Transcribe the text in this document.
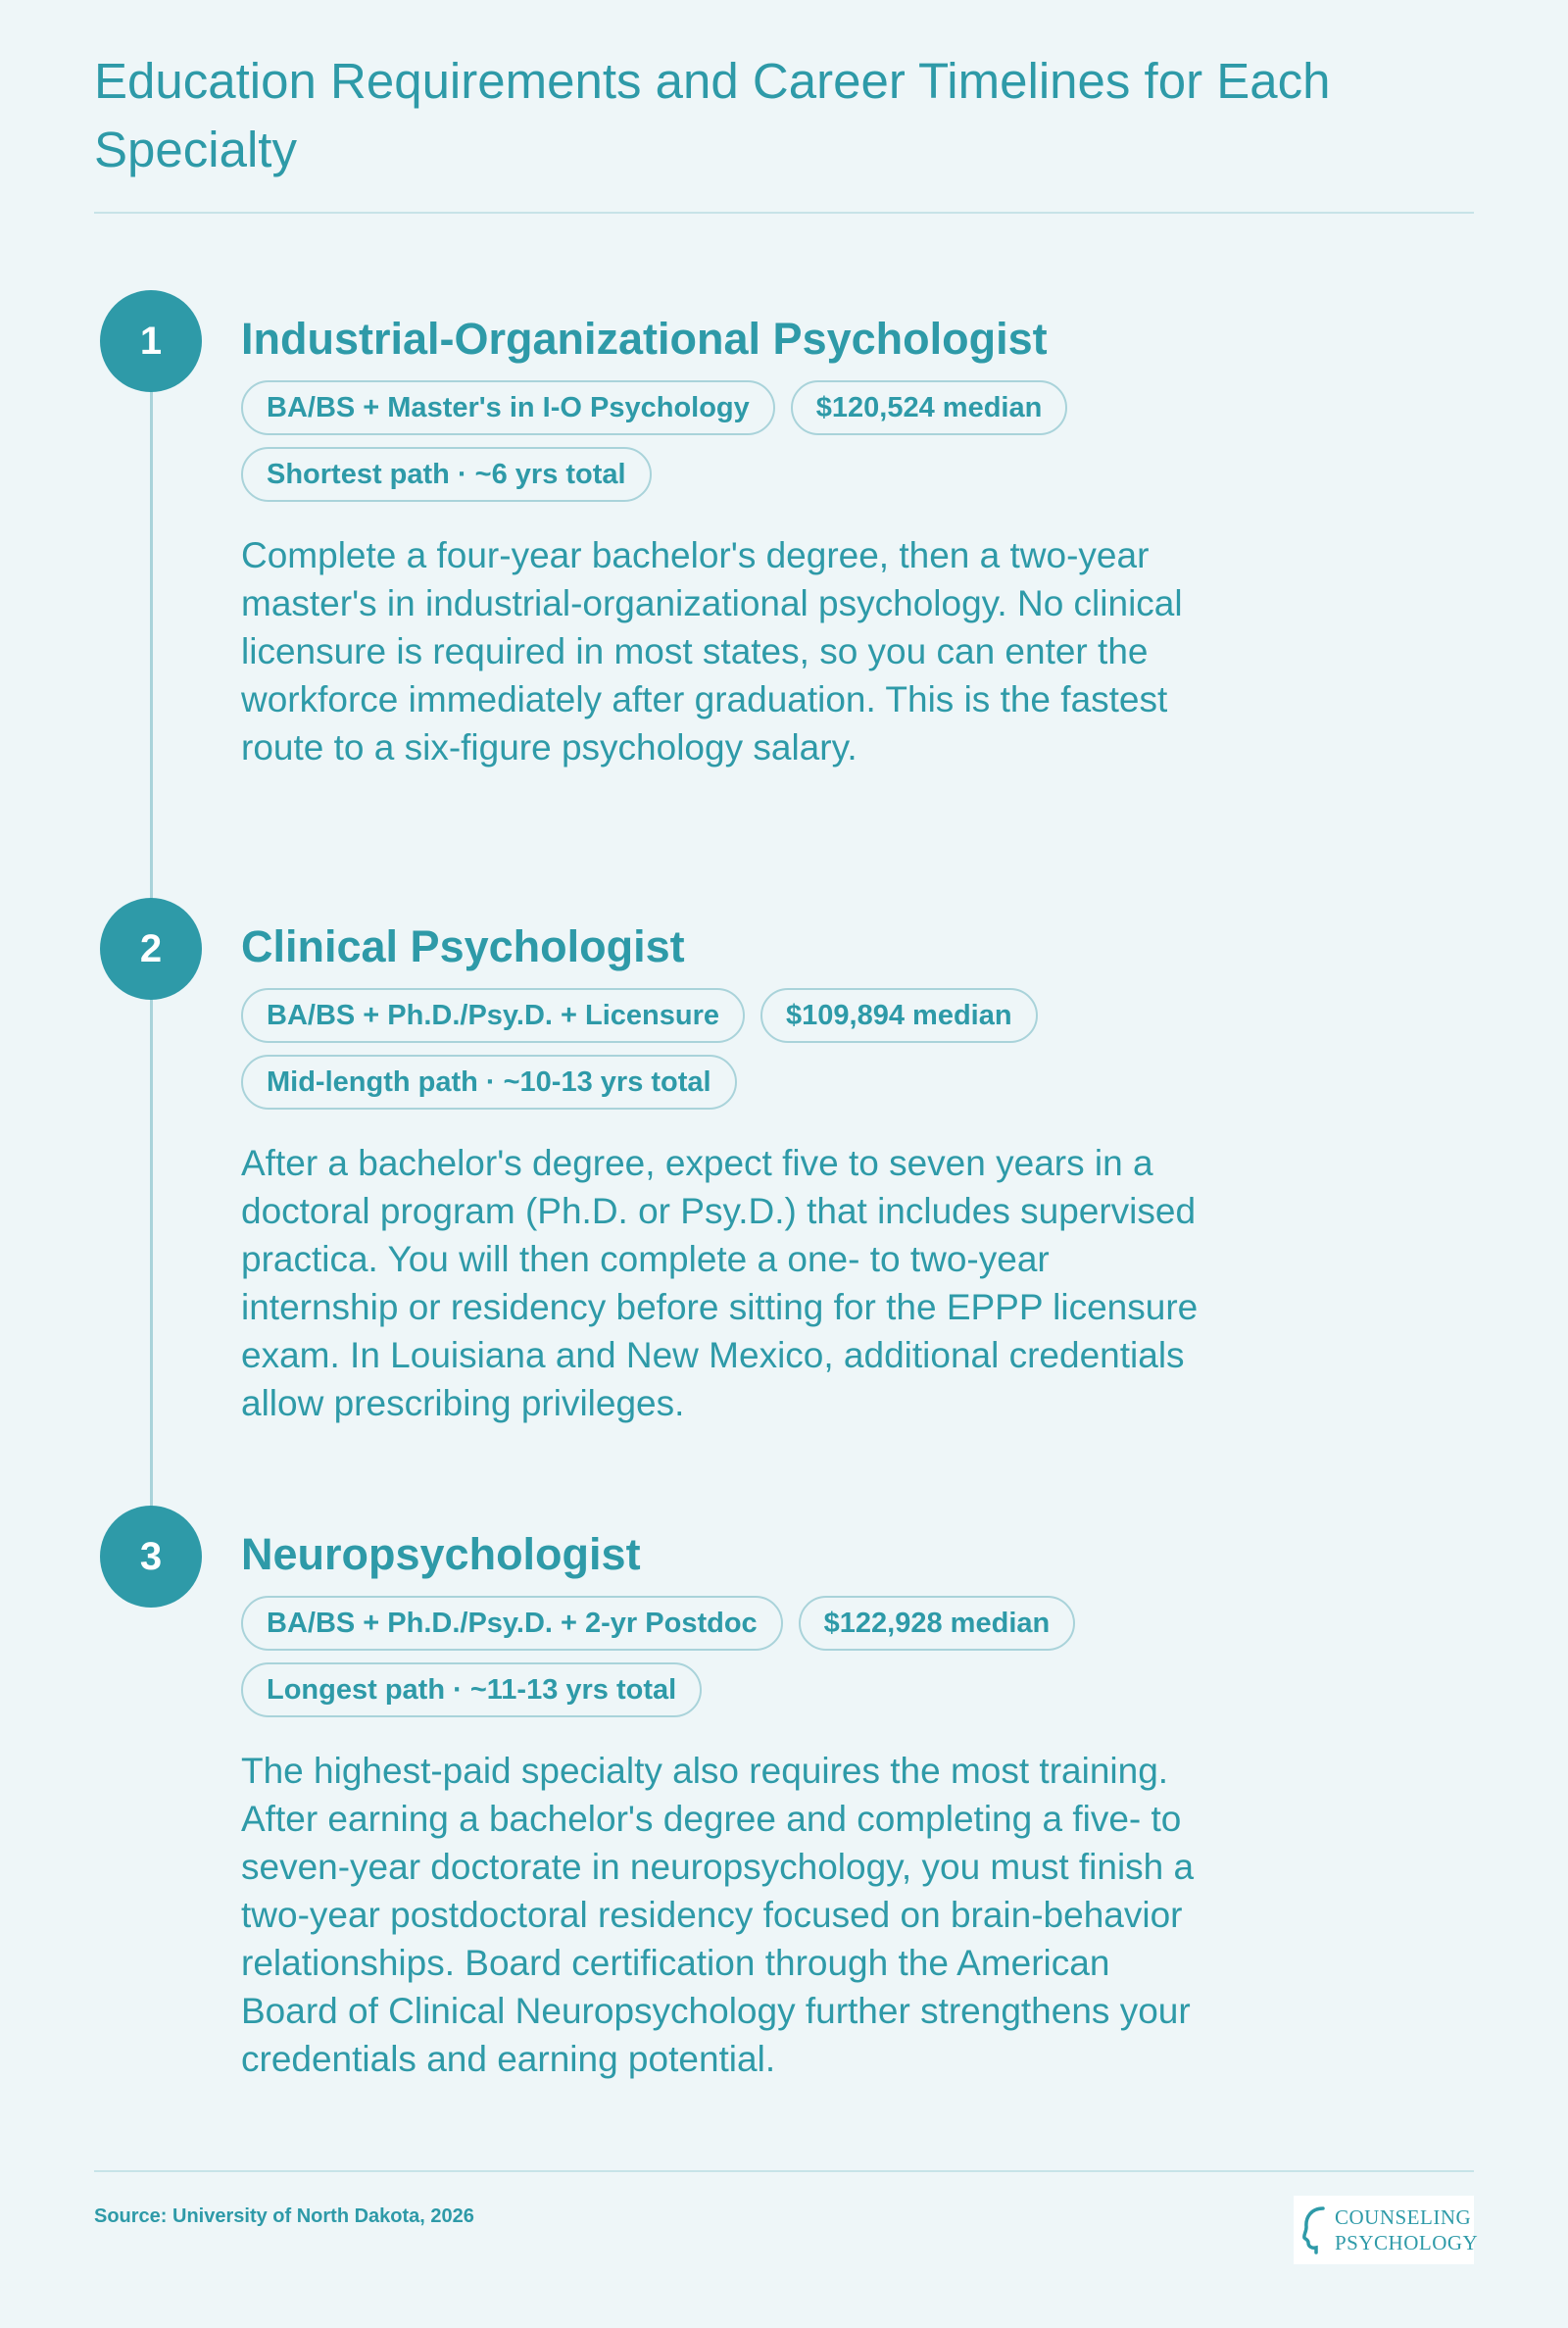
Education Requirements and Career Timelines for Each Specialty
1	Industrial-Organizational Psychologist
BA/BS + Master's in I-O Psychology	$120,524 median
Shortest path · ~6 yrs total

Complete a four-year bachelor's degree, then a two-year master's in industrial-organizational psychology. No clinical licensure is required in most states, so you can enter the workforce immediately after graduation. This is the fastest route to a six-figure psychology salary.

2	Clinical Psychologist
BA/BS + Ph.D./Psy.D. + Licensure	$109,894 median
Mid-length path · ~10-13 yrs total

After a bachelor's degree, expect five to seven years in a doctoral program (Ph.D. or Psy.D.) that includes supervised practica. You will then complete a one- to two-year internship or residency before sitting for the EPPP licensure exam. In Louisiana and New Mexico, additional credentials allow prescribing privileges.

3	Neuropsychologist
BA/BS + Ph.D./Psy.D. + 2-yr Postdoc	$122,928 median
Longest path · ~11-13 yrs total

The highest-paid specialty also requires the most training. After earning a bachelor's degree and completing a five- to seven-year doctorate in neuropsychology, you must finish a two-year postdoctoral residency focused on brain-behavior relationships. Board certification through the American Board of Clinical Neuropsychology further strengthens your credentials and earning potential.

Source: University of North Dakota, 2026	COUNSELING
PSYCHOLOGY
